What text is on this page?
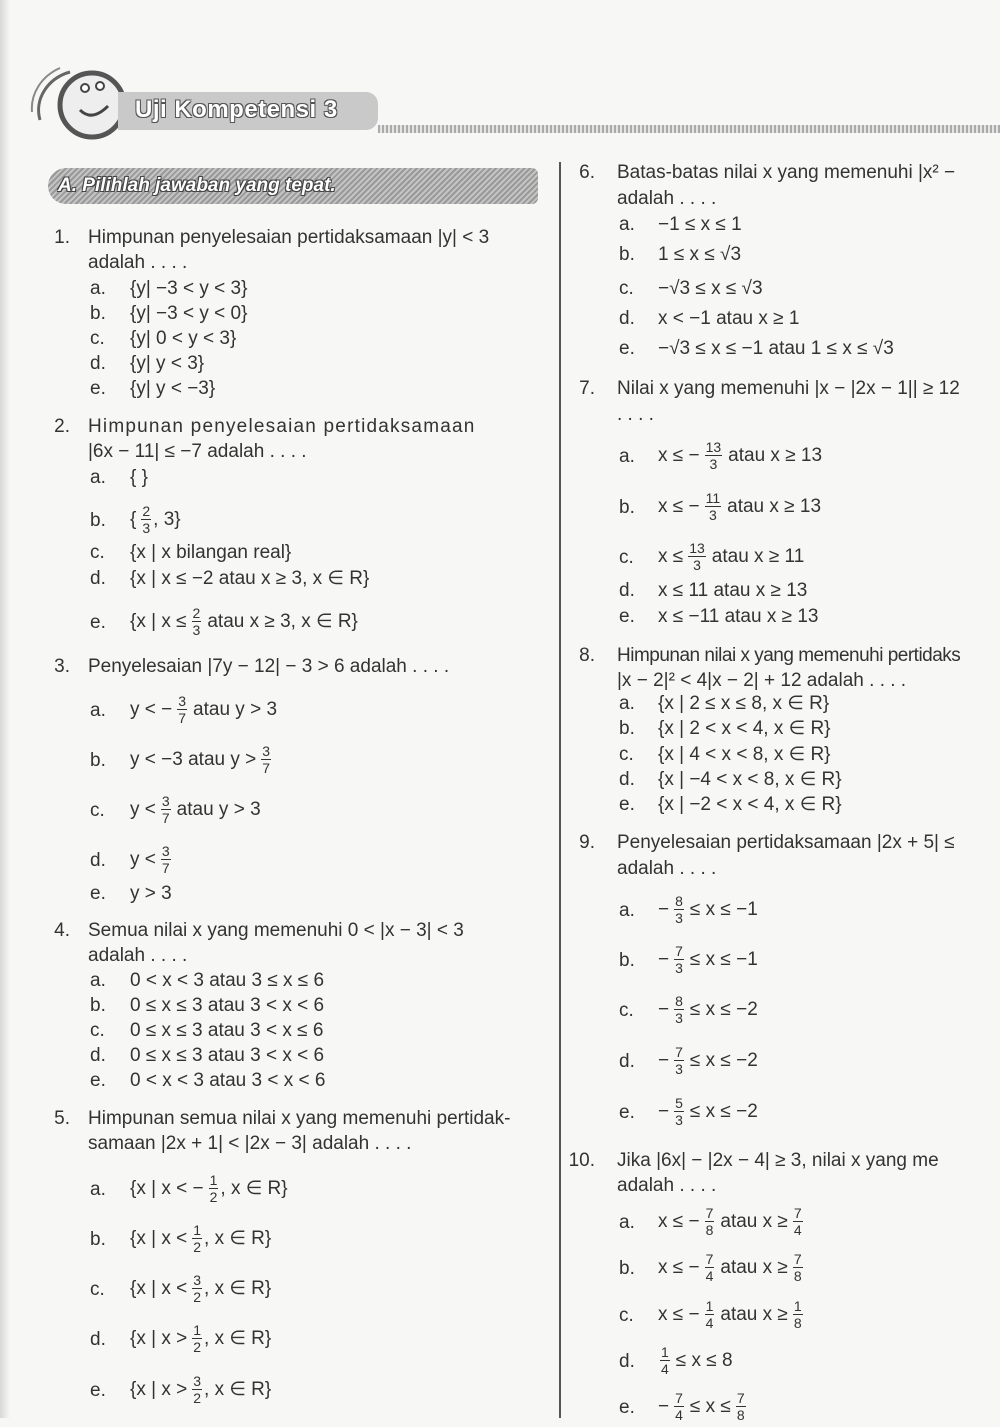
Uji Kompetensi 3
A. Pilihlah jawaban yang tepat.
1. Himpunan penyelesaian pertidaksamaan |y| < 3
adalah . . . .
a. {y| −3 < y < 3}
b. {y| −3 < y < 0}
c. {y| 0 < y < 3}
d. {y| y < 3}
e. {y| y < −3}
2. Himpunan penyelesaian pertidaksamaan
|6x − 11| ≤ −7 adalah . . . .
a. { }
b. { $\frac{2}{3}$ , 3}
c. {x | x bilangan real}
d. {x | x ≤ −2 atau x ≥ 3, x ∈ R}
e. {x | $x \le \frac{2}{3}$ atau x ≥ 3, x ∈ R}
3. Penyelesaian |7y − 12| − 3 > 6 adalah . . . .
a. y < − $\frac{3}{7}$ atau y > 3
b. y < −3 atau $y > \frac{3}{7}$
c. $y < \frac{3}{7}$ atau y > 3
d. $y < \frac{3}{7}$
e. y > 3
4. Semua nilai x yang memenuhi 0 < |x − 3| < 3
adalah . . . .
a. 0 < x < 3 atau 3 ≤ x ≤ 6
b. 0 ≤ x ≤ 3 atau 3 < x < 6
c. 0 ≤ x ≤ 3 atau 3 < x ≤ 6
d. 0 ≤ x ≤ 3 atau 3 < x < 6
e. 0 < x < 3 atau 3 < x < 6
5. Himpunan semua nilai x yang memenuhi pertidak-
samaan |2x + 1| < |2x − 3| adalah . . . .
a. {x | x < − $\frac{1}{2}$ , x ∈ R}
b. {x | $x < \frac{1}{2}$ , x ∈ R}
c. {x | $x < \frac{3}{2}$ , x ∈ R}
d. {x | $x > \frac{1}{2}$ , x ∈ R}
e. {x | $x > \frac{3}{2}$ , x ∈ R}
6. Batas-batas nilai x yang memenuhi |x² −
adalah . . . .
a. −1 ≤ x ≤ 1
b. 1 ≤ x ≤ √3
c. −√3 ≤ x ≤ √3
d. x < −1 atau x ≥ 1
e. −√3 ≤ x ≤ −1 atau 1 ≤ x ≤ √3
7. Nilai x yang memenuhi |x − |2x − 1|| ≥ 12
. . . .
a. x ≤ − $\frac{13}{3}$ atau x ≥ 13
b. x ≤ − $\frac{11}{3}$ atau x ≥ 13
c. $x \le \frac{13}{3}$ atau x ≥ 11
d. x ≤ 11 atau x ≥ 13
e. x ≤ −11 atau x ≥ 13
8. Himpunan nilai x yang memenuhi pertidaks
|x − 2|² < 4|x − 2| + 12 adalah . . . .
a. {x | 2 ≤ x ≤ 8, x ∈ R}
b. {x | 2 < x < 4, x ∈ R}
c. {x | 4 < x < 8, x ∈ R}
d. {x | −4 < x < 8, x ∈ R}
e. {x | −2 < x < 4, x ∈ R}
9. Penyelesaian pertidaksamaan |2x + 5| ≤
adalah . . . .
a. − $\frac{8}{3} \le x \le -1$
b. − $\frac{7}{3} \le x \le -1$
c. − $\frac{8}{3} \le x \le -2$
d. − $\frac{7}{3} \le x \le -2$
e. − $\frac{5}{3} \le x \le -2$
10. Jika |6x| − |2x − 4| ≥ 3, nilai x yang me
adalah . . . .
a. x ≤ − $\frac{7}{8}$ atau $x \ge \frac{7}{4}$
b. x ≤ − $\frac{7}{4}$ atau $x \ge \frac{7}{8}$
c. x ≤ − $\frac{1}{4}$ atau $x \ge \frac{1}{8}$
d. $\frac{1}{4} \le x \le 8$
e. − $\frac{7}{4} \le x \le \frac{7}{8}$
